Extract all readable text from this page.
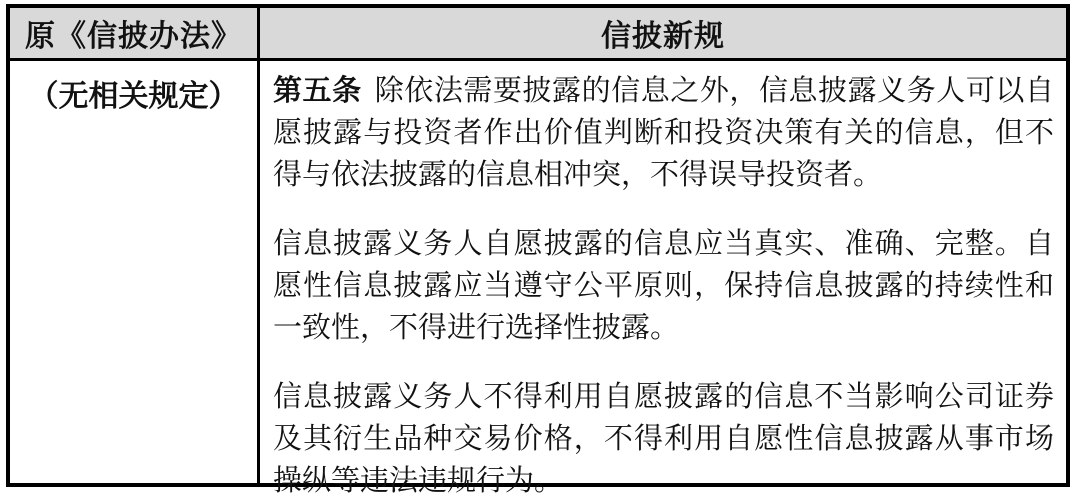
原《信披办法》	信披新规
（无相关规定）	第五条 除依法需要披露的信息之外，信息披露义务人可以自愿披露与投资者作出价值判断和投资决策有关的信息，但不得与依法披露的信息相冲突，不得误导投资者。

信息披露义务人自愿披露的信息应当真实、准确、完整。自愿性信息披露应当遵守公平原则，保持信息披露的持续性和一致性，不得进行选择性披露。

信息披露义务人不得利用自愿披露的信息不当影响公司证券及其衍生品种交易价格，不得利用自愿性信息披露从事市场操纵等违法违规行为。
